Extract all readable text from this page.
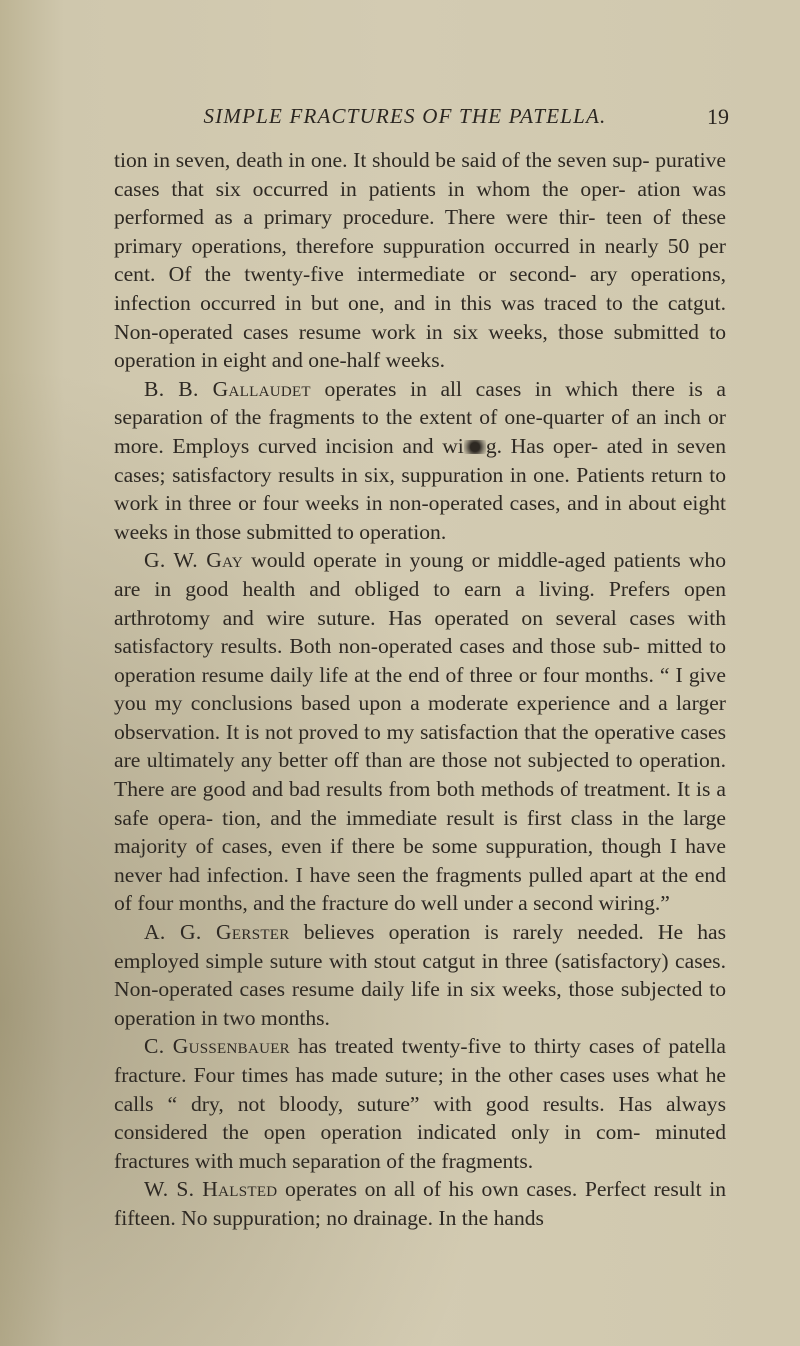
SIMPLE FRACTURES OF THE PATELLA.	19

tion in seven, death in one. It should be said of the seven sup- purative cases that six occurred in patients in whom the oper- ation was performed as a primary procedure. There were thir- teen of these primary operations, therefore suppuration occurred in nearly 50 per cent. Of the twenty-five intermediate or second- ary operations, infection occurred in but one, and in this was traced to the catgut. Non-operated cases resume work in six weeks, those submitted to operation in eight and one-half weeks.

B. B. Gallaudet operates in all cases in which there is a separation of the fragments to the extent of one-quarter of an inch or more. Employs curved incision and wi g. Has oper- ated in seven cases; satisfactory results in six, suppuration in one. Patients return to work in three or four weeks in non-operated cases, and in about eight weeks in those submitted to operation.

G. W. Gay would operate in young or middle-aged patients who are in good health and obliged to earn a living. Prefers open arthrotomy and wire suture. Has operated on several cases with satisfactory results. Both non-operated cases and those sub- mitted to operation resume daily life at the end of three or four months. “ I give you my conclusions based upon a moderate experience and a larger observation. It is not proved to my satisfaction that the operative cases are ultimately any better off than are those not subjected to operation. There are good and bad results from both methods of treatment. It is a safe opera- tion, and the immediate result is first class in the large majority of cases, even if there be some suppuration, though I have never had infection. I have seen the fragments pulled apart at the end of four months, and the fracture do well under a second wiring.”

A. G. Gerster believes operation is rarely needed. He has employed simple suture with stout catgut in three (satisfactory) cases. Non-operated cases resume daily life in six weeks, those subjected to operation in two months.

C. Gussenbauer has treated twenty-five to thirty cases of patella fracture. Four times has made suture; in the other cases uses what he calls “ dry, not bloody, suture” with good results. Has always considered the open operation indicated only in com- minuted fractures with much separation of the fragments.

W. S. Halsted operates on all of his own cases. Perfect result in fifteen. No suppuration; no drainage. In the hands
